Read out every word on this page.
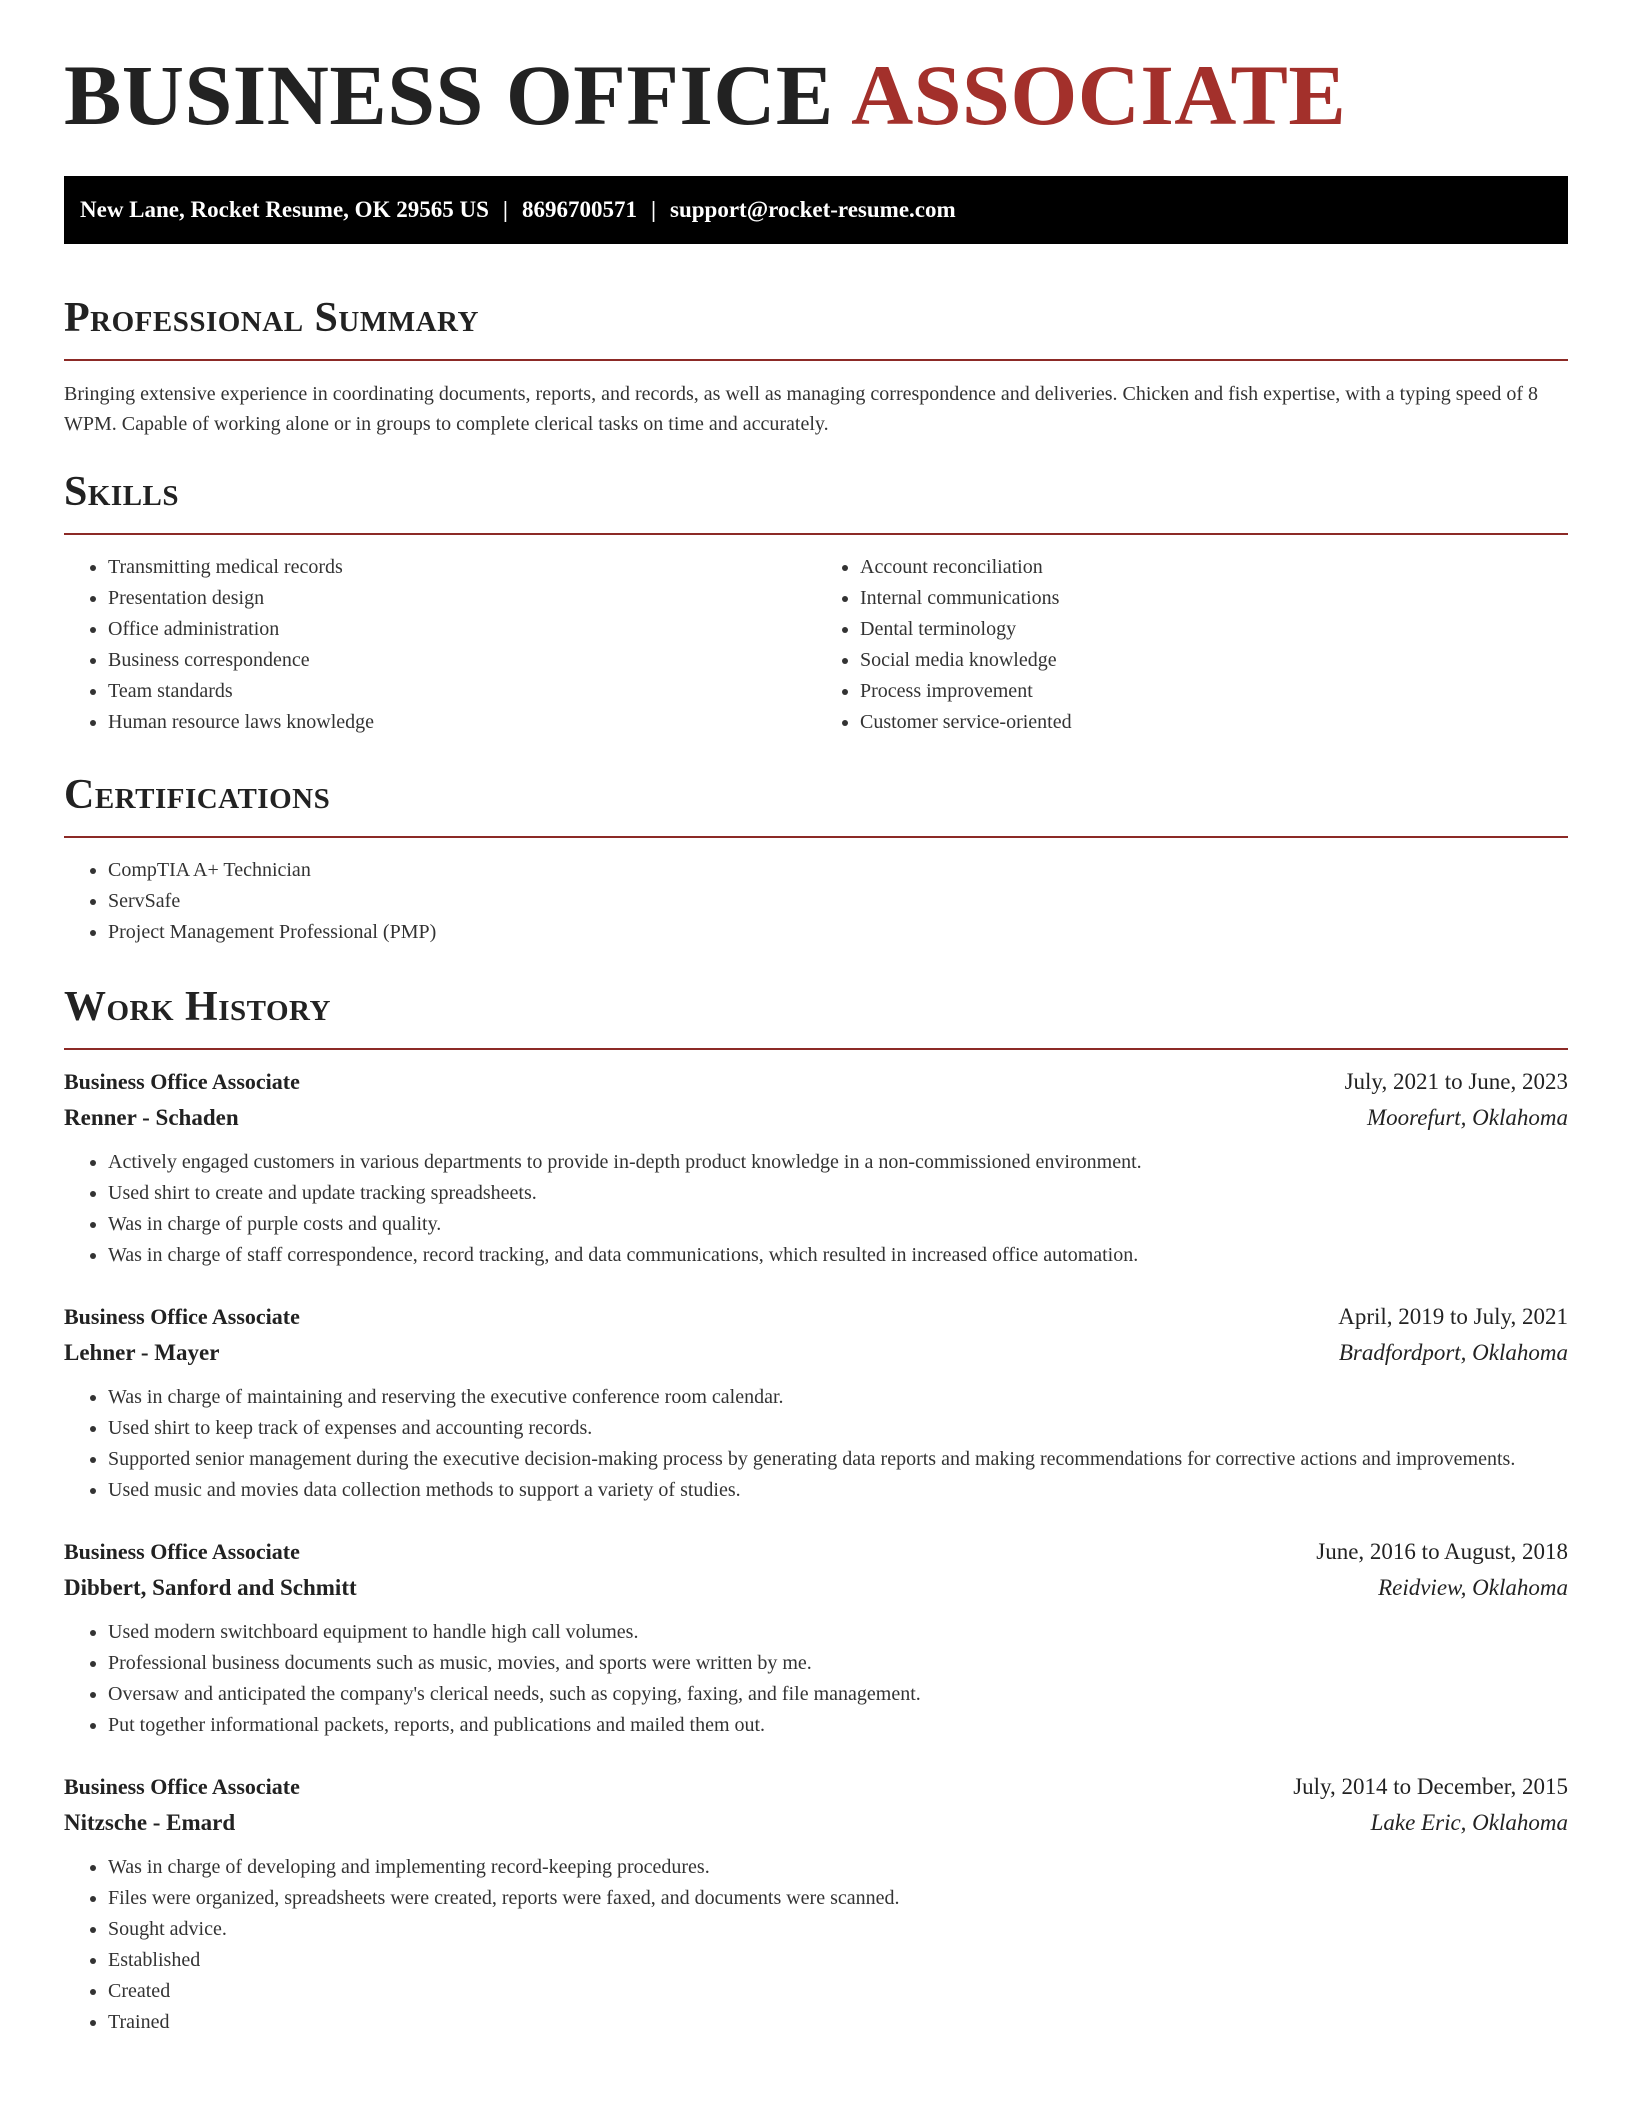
BUSINESS OFFICE ASSOCIATE
New Lane, Rocket Resume, OK 29565 US | 8696700571 | support@rocket-resume.com
Professional Summary

Bringing extensive experience in coordinating documents, reports, and records, as well as managing correspondence and deliveries. Chicken and fish expertise, with a typing speed of 8 WPM. Capable of working alone or in groups to complete clerical tasks on time and accurately.

Skills
• Transmitting medical records
• Presentation design
• Office administration
• Business correspondence
• Team standards
• Human resource laws knowledge
• Account reconciliation
• Internal communications
• Dental terminology
• Social media knowledge
• Process improvement
• Customer service-oriented
Certifications
• CompTIA A+ Technician
• ServSafe
• Project Management Professional (PMP)
Work History
Business Office Associate	July, 2021 to June, 2023
Renner - Schaden	Moorefurt, Oklahoma
• Actively engaged customers in various departments to provide in-depth product knowledge in a non-commissioned environment.
• Used shirt to create and update tracking spreadsheets.
• Was in charge of purple costs and quality.
• Was in charge of staff correspondence, record tracking, and data communications, which resulted in increased office automation.
Business Office Associate	April, 2019 to July, 2021
Lehner - Mayer	Bradfordport, Oklahoma
• Was in charge of maintaining and reserving the executive conference room calendar.
• Used shirt to keep track of expenses and accounting records.
• Supported senior management during the executive decision-making process by generating data reports and making recommendations for corrective actions and improvements.
• Used music and movies data collection methods to support a variety of studies.
Business Office Associate	June, 2016 to August, 2018
Dibbert, Sanford and Schmitt	Reidview, Oklahoma
• Used modern switchboard equipment to handle high call volumes.
• Professional business documents such as music, movies, and sports were written by me.
• Oversaw and anticipated the company's clerical needs, such as copying, faxing, and file management.
• Put together informational packets, reports, and publications and mailed them out.
Business Office Associate	July, 2014 to December, 2015
Nitzsche - Emard	Lake Eric, Oklahoma
• Was in charge of developing and implementing record-keeping procedures.
• Files were organized, spreadsheets were created, reports were faxed, and documents were scanned.
• Sought advice.
• Established
• Created
• Trained
